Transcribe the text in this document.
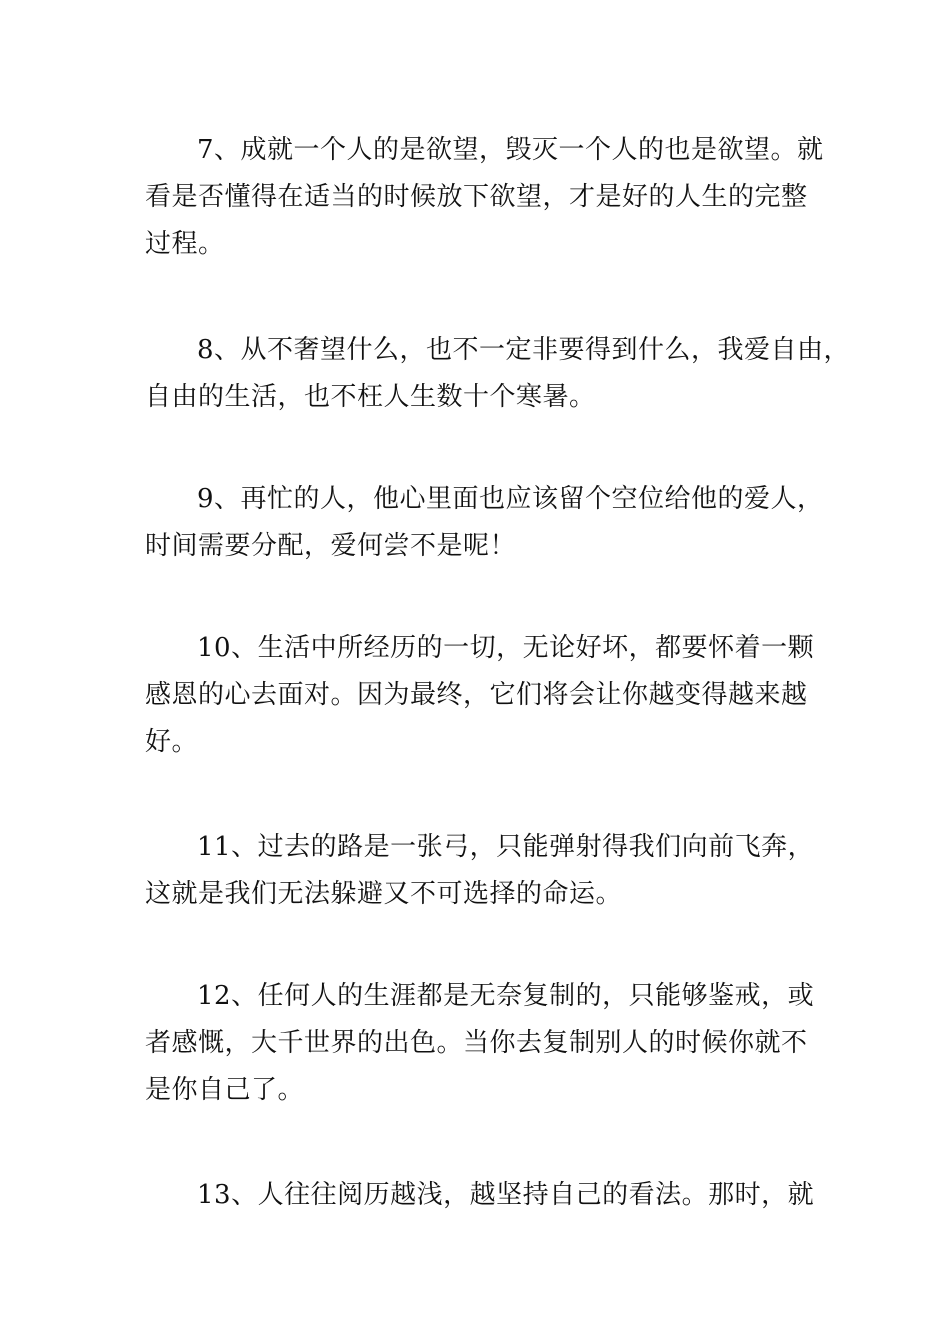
7、成就一个人的是欲望，毁灭一个人的也是欲望。就
看是否懂得在适当的时候放下欲望，才是好的人生的完整
过程。
8、从不奢望什么，也不一定非要得到什么，我爱自由，
自由的生活，也不枉人生数十个寒暑。
9、再忙的人，他心里面也应该留个空位给他的爱人，
时间需要分配，爱何尝不是呢！
10、生活中所经历的一切，无论好坏，都要怀着一颗
感恩的心去面对。因为最终，它们将会让你越变得越来越
好。
11、过去的路是一张弓，只能弹射得我们向前飞奔，
这就是我们无法躲避又不可选择的命运。
12、任何人的生涯都是无奈复制的，只能够鉴戒，或
者感慨，大千世界的出色。当你去复制别人的时候你就不
是你自己了。
13、人往往阅历越浅，越坚持自己的看法。那时，就
